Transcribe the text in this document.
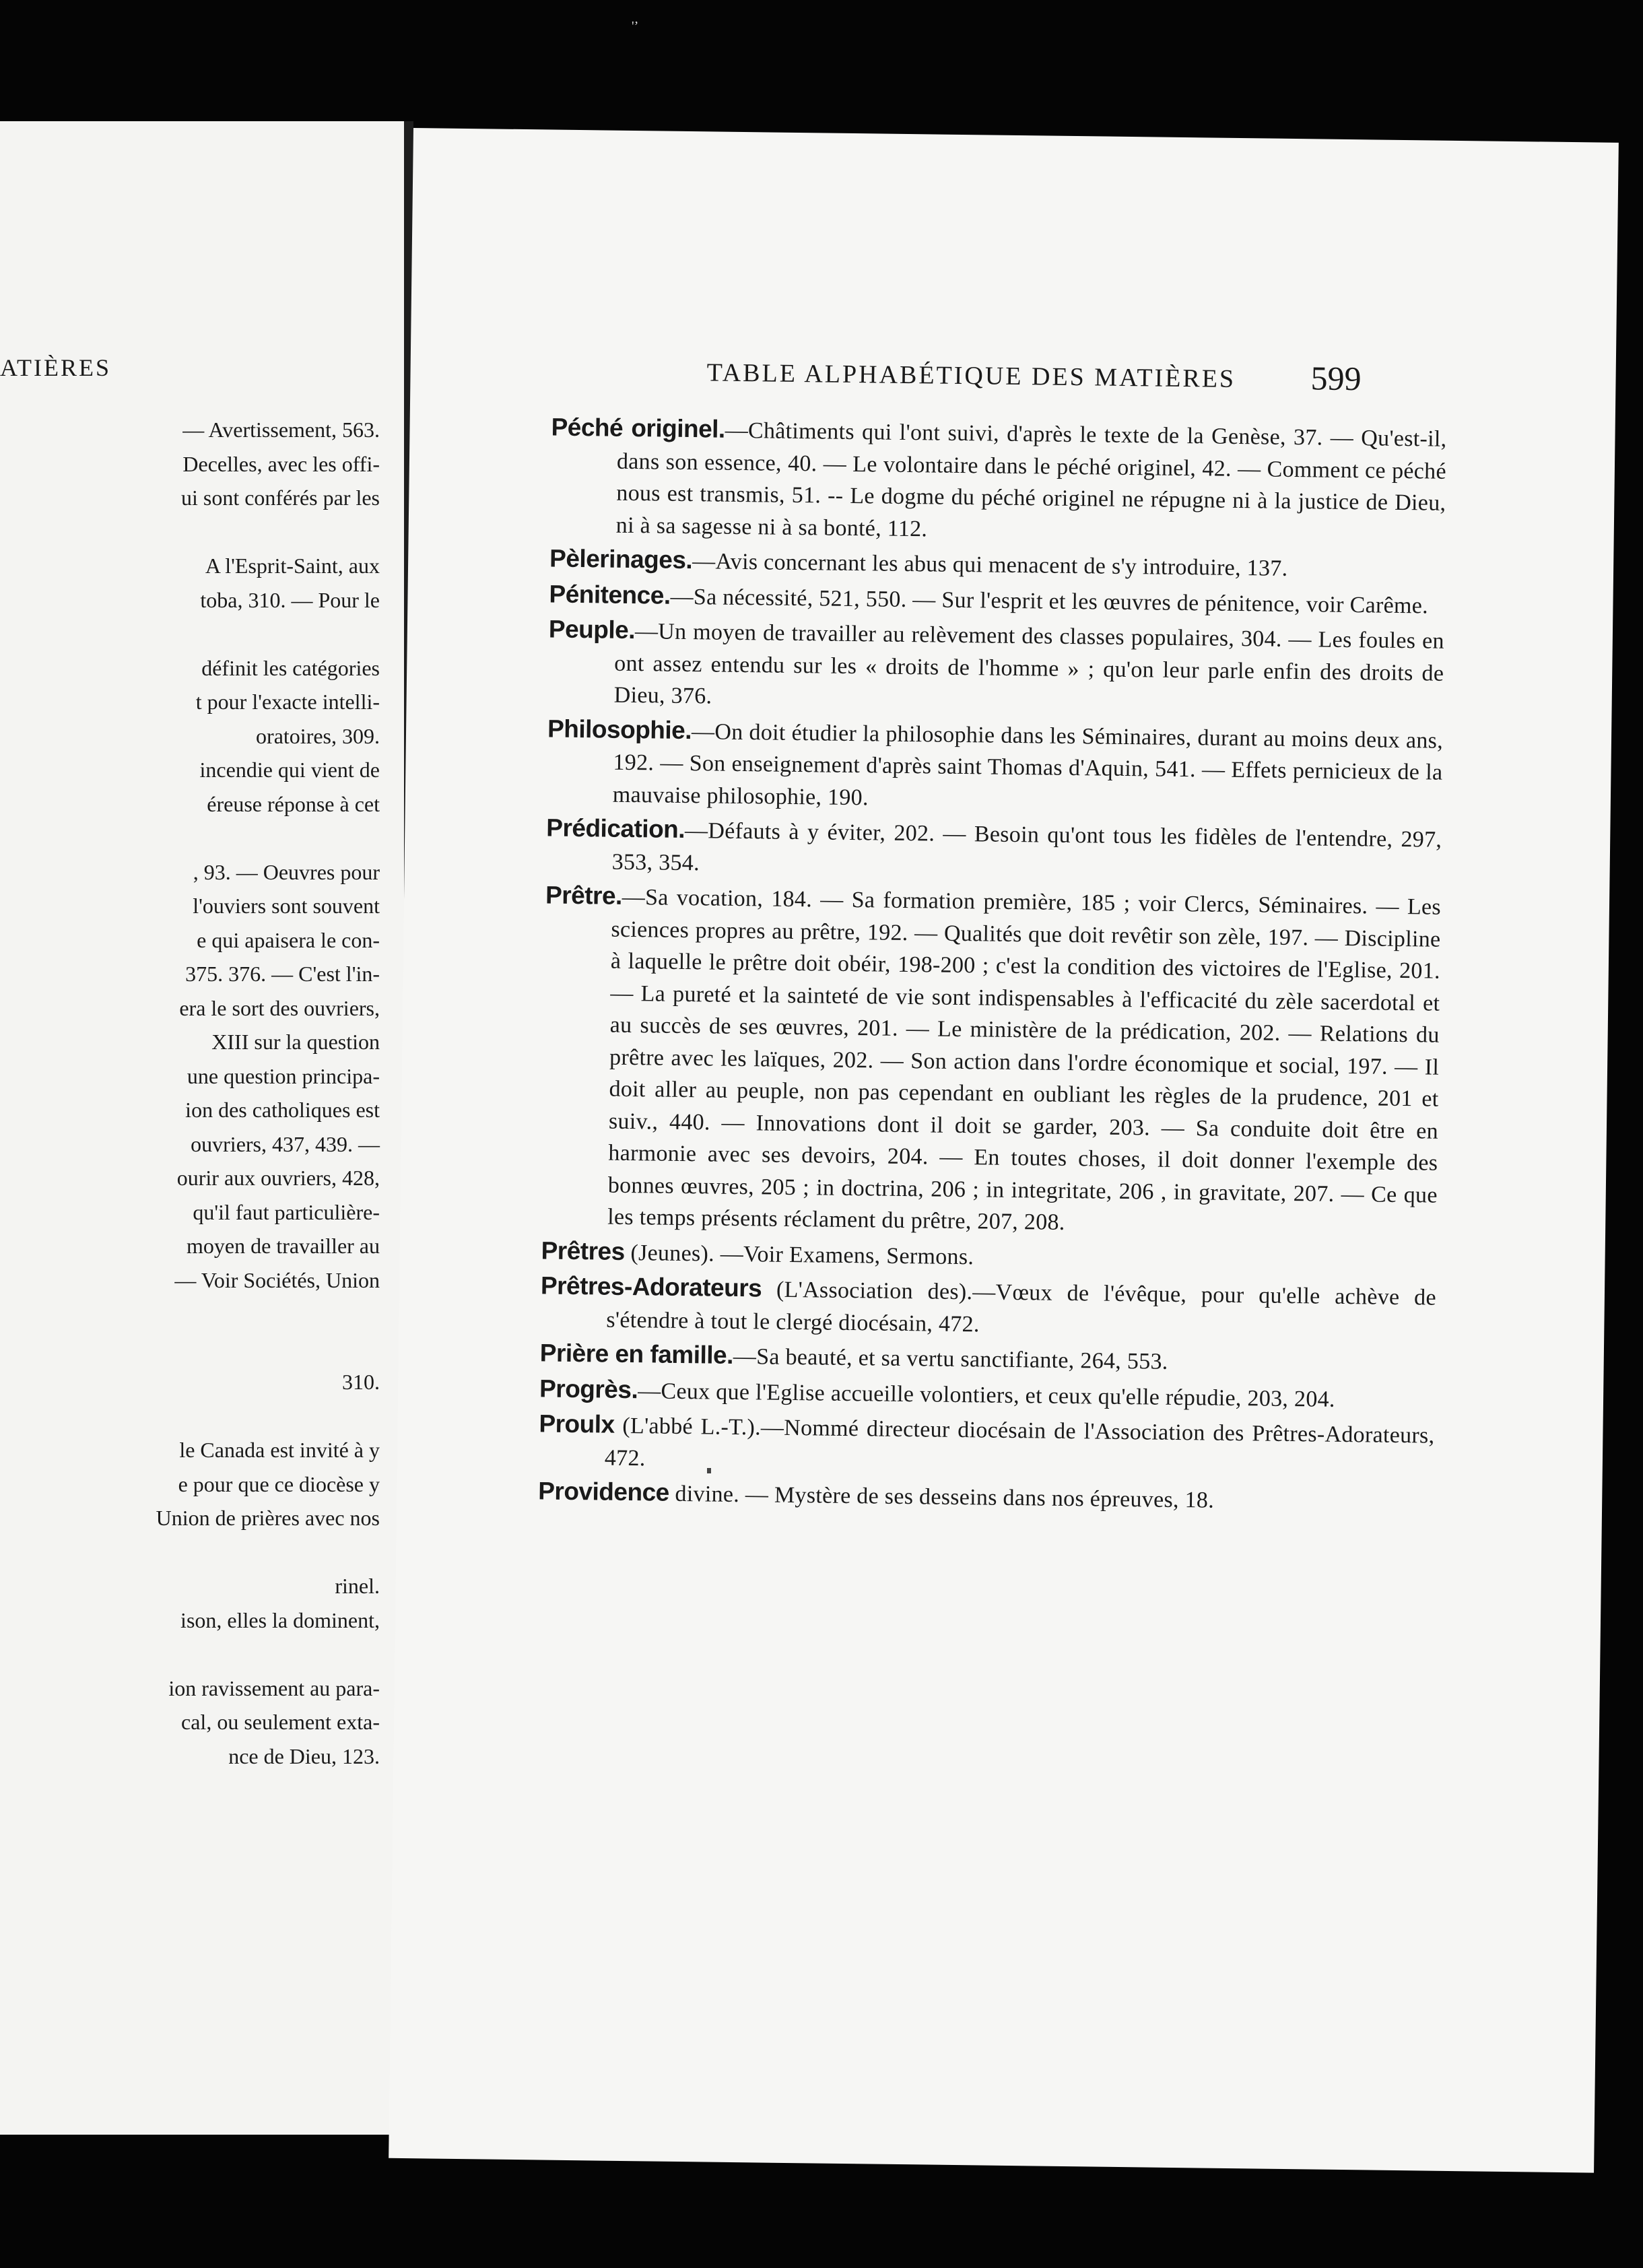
'’
ATIÈRES
— Avertissement, 563.
Decelles, avec les offi-
ui sont conférés par les
A l'Esprit-Saint, aux
toba, 310. — Pour le
définit les catégories
t pour l'exacte intelli-
oratoires, 309.
incendie qui vient de
éreuse réponse à cet
, 93. — Oeuvres pour
l'ouviers sont souvent
e qui apaisera le con-
375. 376. — C'est l'in-
era le sort des ouvriers,
XIII sur la question
une question principa-
ion des catholiques est
ouvriers, 437, 439. —
ourir aux ouvriers, 428,
qu'il faut particulière-
moyen de travailler au
— Voir Sociétés, Union
310.
le Canada est invité à y
e pour que ce diocèse y
Union de prières avec nos
rinel.
ison, elles la dominent,
ion ravissement au para-
cal, ou seulement exta-
nce de Dieu, 123.
TABLE ALPHABÉTIQUE DES MATIÈRES 599

Péché originel.—Châtiments qui l'ont suivi, d'après le texte de la Genèse, 37. — Qu'est-il, dans son essence, 40. — Le volontaire dans le péché originel, 42. — Comment ce péché nous est transmis, 51. -- Le dogme du péché originel ne répugne ni à la justice de Dieu, ni à sa sagesse ni à sa bonté, 112.

Pèlerinages.—Avis concernant les abus qui menacent de s'y introduire, 137.

Pénitence.—Sa nécessité, 521, 550. — Sur l'esprit et les œuvres de pénitence, voir Carême.

Peuple.—Un moyen de travailler au relèvement des classes populaires, 304. — Les foules en ont assez entendu sur les « droits de l'homme » ; qu'on leur parle enfin des droits de Dieu, 376.

Philosophie.—On doit étudier la philosophie dans les Séminaires, durant au moins deux ans, 192. — Son enseignement d'après saint Thomas d'Aquin, 541. — Effets pernicieux de la mauvaise philosophie, 190.

Prédication.—Défauts à y éviter, 202. — Besoin qu'ont tous les fidèles de l'entendre, 297, 353, 354.

Prêtre.—Sa vocation, 184. — Sa formation première, 185 ; voir Clercs, Séminaires. — Les sciences propres au prêtre, 192. — Qualités que doit revêtir son zèle, 197. — Discipline à laquelle le prêtre doit obéir, 198-200 ; c'est la condition des victoires de l'Eglise, 201. — La pureté et la sainteté de vie sont indispensables à l'efficacité du zèle sacerdotal et au succès de ses œuvres, 201. — Le ministère de la prédication, 202. — Relations du prêtre avec les laïques, 202. — Son action dans l'ordre économique et social, 197. — Il doit aller au peuple, non pas cependant en oubliant les règles de la prudence, 201 et suiv., 440. — Innovations dont il doit se garder, 203. — Sa conduite doit être en harmonie avec ses devoirs, 204. — En toutes choses, il doit donner l'exemple des bonnes œuvres, 205 ; in doctrina, 206 ; in integritate, 206 , in gravitate, 207. — Ce que les temps présents réclament du prêtre, 207, 208.

Prêtres (Jeunes). —Voir Examens, Sermons.

Prêtres-Adorateurs (L'Association des).—Vœux de l'évêque, pour qu'elle achève de s'étendre à tout le clergé diocésain, 472.

Prière en famille.—Sa beauté, et sa vertu sanctifiante, 264, 553.

Progrès.—Ceux que l'Eglise accueille volontiers, et ceux qu'elle répudie, 203, 204.

Proulx (L'abbé L.-T.).—Nommé directeur diocésain de l'Association des Prêtres-Adorateurs, 472.

Providence divine. — Mystère de ses desseins dans nos épreuves, 18.
